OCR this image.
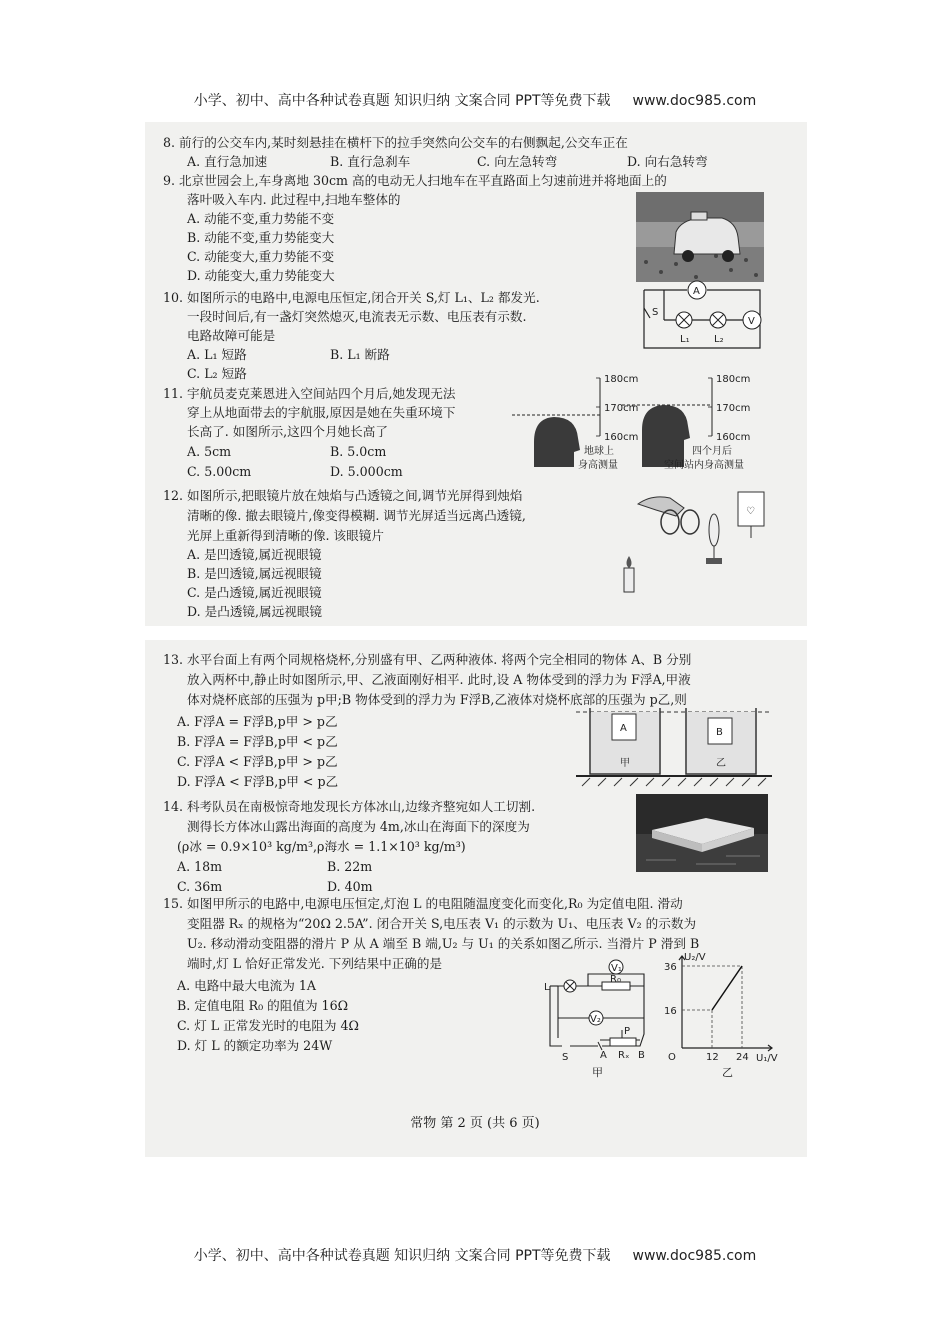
小学、初中、高中各种试卷真题 知识归纳 文案合同 PPT等免费下载 www.doc985.com
8. 前行的公交车内,某时刻悬挂在横杆下的拉手突然向公交车的右侧飘起,公交车正在
A. 直行急加速	B. 直行急刹车	C. 向左急转弯	D. 向右急转弯
9. 北京世园会上,车身离地 30cm 高的电动无人扫地车在平直路面上匀速前进并将地面上的
落叶吸入车内. 此过程中,扫地车整体的
A. 动能不变,重力势能不变
B. 动能不变,重力势能变大
C. 动能变大,重力势能不变
D. 动能变大,重力势能变大
10. 如图所示的电路中,电源电压恒定,闭合开关 S,灯 L₁、L₂ 都发光.
一段时间后,有一盏灯突然熄灭,电流表无示数、电压表有示数.
电路故障可能是
A. L₁ 短路	B. L₁ 断路
C. L₂ 短路
A
V
S
L₁ L₂
11. 宇航员麦克莱恩进入空间站四个月后,她发现无法
穿上从地面带去的宇航服,原因是她在失重环境下
长高了. 如图所示,这四个月她长高了
A. 5cm	B. 5.0cm
C. 5.00cm	D. 5.000cm
180cm
170cm
160cm
180cm
170cm
160cm
地球上
身高测量
四个月后
空间站内身高测量
12. 如图所示,把眼镜片放在烛焰与凸透镜之间,调节光屏得到烛焰
清晰的像. 撤去眼镜片,像变得模糊. 调节光屏适当远离凸透镜,
光屏上重新得到清晰的像. 该眼镜片
A. 是凹透镜,属近视眼镜
B. 是凹透镜,属远视眼镜
C. 是凸透镜,属近视眼镜
D. 是凸透镜,属远视眼镜
♡
13. 水平台面上有两个同规格烧杯,分别盛有甲、乙两种液体. 将两个完全相同的物体 A、B 分别
放入两杯中,静止时如图所示,甲、乙液面刚好相平. 此时,设 A 物体受到的浮力为 F浮A,甲液
体对烧杯底部的压强为 p甲;B 物体受到的浮力为 F浮B,乙液体对烧杯底部的压强为 p乙,则
A. F浮A = F浮B,p甲 > p乙
B. F浮A = F浮B,p甲 < p乙
C. F浮A < F浮B,p甲 > p乙
D. F浮A < F浮B,p甲 < p乙
A	B
甲	乙
14. 科考队员在南极惊奇地发现长方体冰山,边缘齐整宛如人工切割.
测得长方体冰山露出海面的高度为 4m,冰山在海面下的深度为
(ρ冰 = 0.9×10³ kg/m³,ρ海水 = 1.1×10³ kg/m³)
A. 18m	B. 22m
C. 36m	D. 40m
15. 如图甲所示的电路中,电源电压恒定,灯泡 L 的电阻随温度变化而变化,R₀ 为定值电阻. 滑动
变阻器 Rₓ 的规格为“20Ω 2.5A”. 闭合开关 S,电压表 V₁ 的示数为 U₁、电压表 V₂ 的示数为
U₂. 移动滑动变阻器的滑片 P 从 A 端至 B 端,U₂ 与 U₁ 的关系如图乙所示. 当滑片 P 滑到 B
端时,灯 L 恰好正常发光. 下列结果中正确的是
A. 电路中最大电流为 1A
B. 定值电阻 R₀ 的阻值为 16Ω
C. 灯 L 正常发光时的电阻为 4Ω
D. 灯 L 的额定功率为 24W
V₁
R₀
L
V₂
S
P
A Rₓ B
甲
U₂/V
U₁/V
O
36
16
12 24
乙
常物 第 2 页 (共 6 页)
小学、初中、高中各种试卷真题 知识归纳 文案合同 PPT等免费下载 www.doc985.com
